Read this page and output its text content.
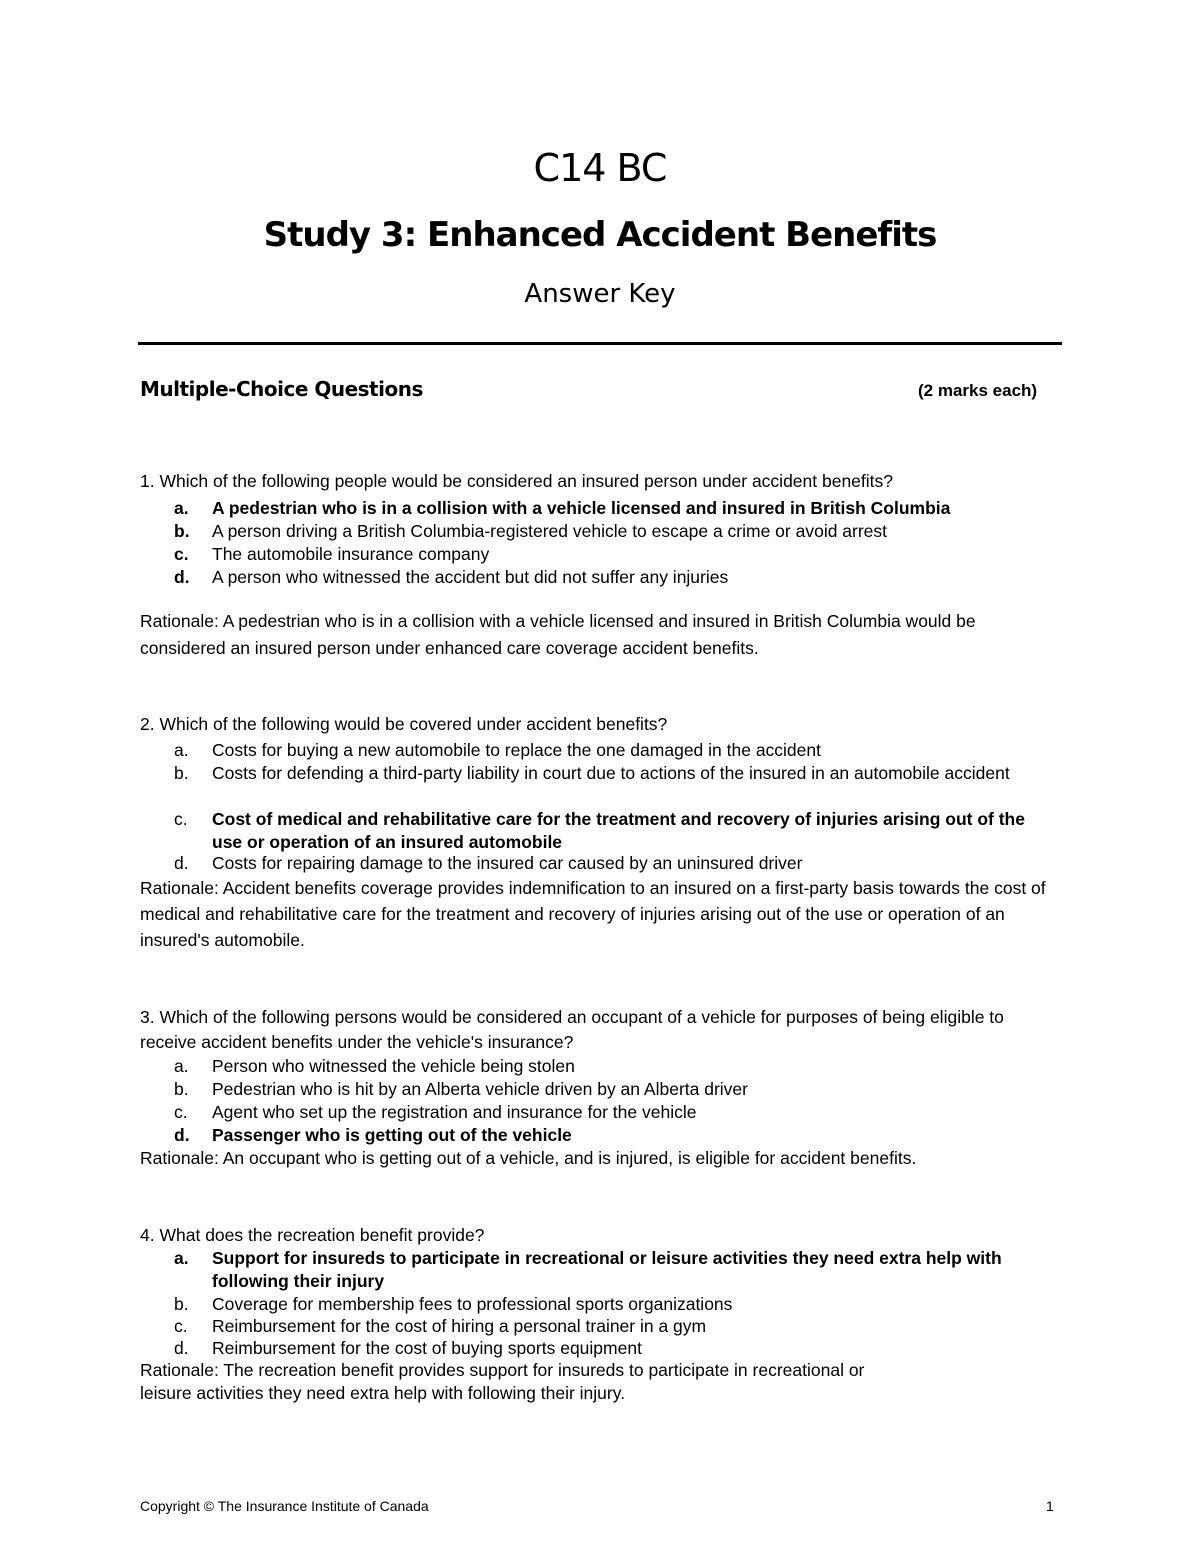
C14 BC
Study 3: Enhanced Accident Benefits
Answer Key
Multiple-Choice Questions	(2 marks each)
1. Which of the following people would be considered an insured person under accident benefits?
a. A pedestrian who is in a collision with a vehicle licensed and insured in British Columbia
b. A person driving a British Columbia-registered vehicle to escape a crime or avoid arrest
c. The automobile insurance company
d. A person who witnessed the accident but did not suffer any injuries
Rationale: A pedestrian who is in a collision with a vehicle licensed and insured in British Columbia would be considered an insured person under enhanced care coverage accident benefits.
2. Which of the following would be covered under accident benefits?
a. Costs for buying a new automobile to replace the one damaged in the accident
b. Costs for defending a third-party liability in court due to actions of the insured in an automobile accident
c. Cost of medical and rehabilitative care for the treatment and recovery of injuries arising out of the use or operation of an insured automobile
d. Costs for repairing damage to the insured car caused by an uninsured driver
Rationale: Accident benefits coverage provides indemnification to an insured on a first-party basis towards the cost of medical and rehabilitative care for the treatment and recovery of injuries arising out of the use or operation of an insured's automobile.
3. Which of the following persons would be considered an occupant of a vehicle for purposes of being eligible to receive accident benefits under the vehicle's insurance?
a. Person who witnessed the vehicle being stolen
b. Pedestrian who is hit by an Alberta vehicle driven by an Alberta driver
c. Agent who set up the registration and insurance for the vehicle
d. Passenger who is getting out of the vehicle
Rationale: An occupant who is getting out of a vehicle, and is injured, is eligible for accident benefits.
4. What does the recreation benefit provide?
a. Support for insureds to participate in recreational or leisure activities they need extra help with following their injury
b. Coverage for membership fees to professional sports organizations
c. Reimbursement for the cost of hiring a personal trainer in a gym
d. Reimbursement for the cost of buying sports equipment
Rationale: The recreation benefit provides support for insureds to participate in recreational or
leisure activities they need extra help with following their injury.
Copyright © The Insurance Institute of Canada	1
